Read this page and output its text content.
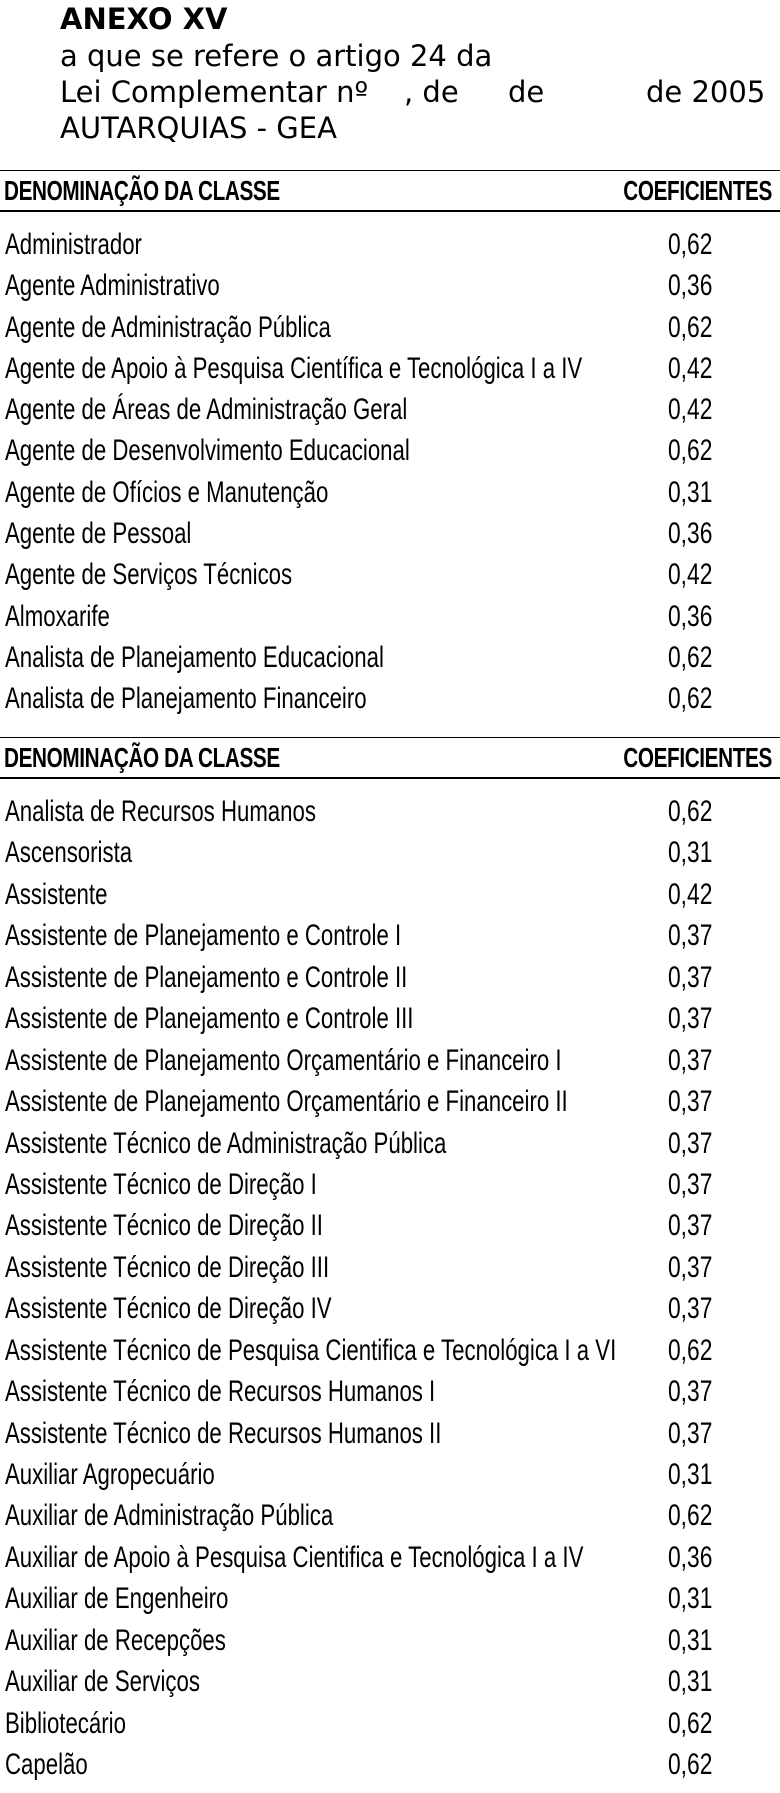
ANEXO XV
a que se refere o artigo 24 da
Lei Complementar nº , de de	de 2005
AUTARQUIAS - GEA
DENOMINAÇÃO DA CLASSE	COEFICIENTES
Administrador	0,62
Agente Administrativo	0,36
Agente de Administração Pública	0,62
Agente de Apoio à Pesquisa Científica e Tecnológica I a IV	0,42
Agente de Áreas de Administração Geral	0,42
Agente de Desenvolvimento Educacional	0,62
Agente de Ofícios e Manutenção	0,31
Agente de Pessoal	0,36
Agente de Serviços Técnicos	0,42
Almoxarife	0,36
Analista de Planejamento Educacional	0,62
Analista de Planejamento Financeiro	0,62
DENOMINAÇÃO DA CLASSE	COEFICIENTES
Analista de Recursos Humanos	0,62
Ascensorista	0,31
Assistente	0,42
Assistente de Planejamento e Controle I	0,37
Assistente de Planejamento e Controle II	0,37
Assistente de Planejamento e Controle III	0,37
Assistente de Planejamento Orçamentário e Financeiro I	0,37
Assistente de Planejamento Orçamentário e Financeiro II	0,37
Assistente Técnico de Administração Pública	0,37
Assistente Técnico de Direção I	0,37
Assistente Técnico de Direção II	0,37
Assistente Técnico de Direção III	0,37
Assistente Técnico de Direção IV	0,37
Assistente Técnico de Pesquisa Cientifica e Tecnológica I a VI 0,62
Assistente Técnico de Recursos Humanos I	0,37
Assistente Técnico de Recursos Humanos II	0,37
Auxiliar Agropecuário	0,31
Auxiliar de Administração Pública	0,62
Auxiliar de Apoio à Pesquisa Cientifica e Tecnológica I a IV	0,36
Auxiliar de Engenheiro	0,31
Auxiliar de Recepções	0,31
Auxiliar de Serviços	0,31
Bibliotecário	0,62
Capelão	0,62
